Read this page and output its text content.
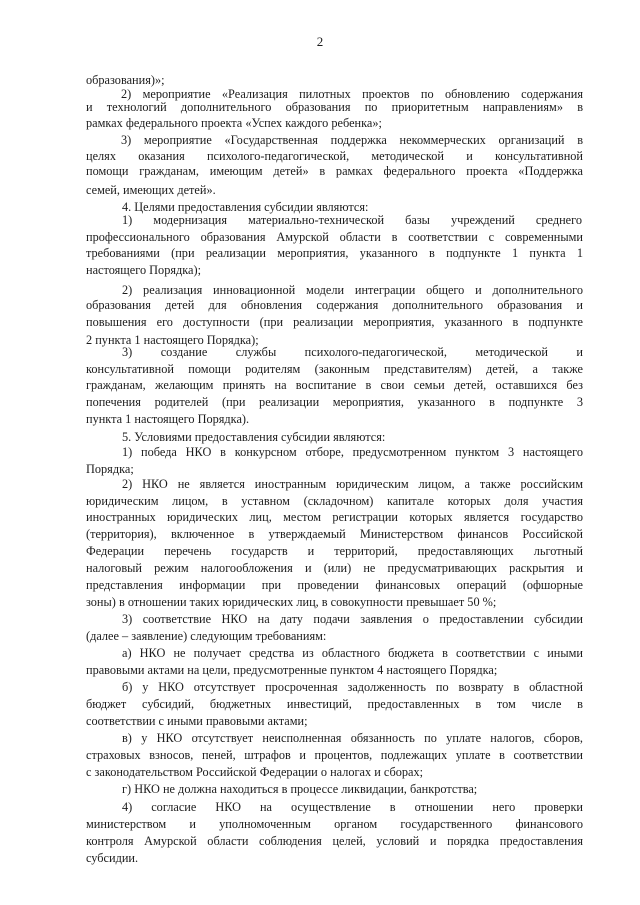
2
образования)»;
2) мероприятие «Реализация пилотных проектов по обновлению содержания
и технологий дополнительного образования по приоритетным направлениям» в
рамках федерального проекта «Успех каждого ребенка»;
3) мероприятие «Государственная поддержка некоммерческих организаций в
целях оказания психолого-педагогической, методической и консультативной
помощи гражданам, имеющим детей» в рамках федерального проекта «Поддержка
семей, имеющих детей».
4. Целями предоставления субсидии являются:
1) модернизация материально-технической базы учреждений среднего
профессионального образования Амурской области в соответствии с современными
требованиями (при реализации мероприятия, указанного в подпункте 1 пункта 1
настоящего Порядка);
2) реализация инновационной модели интеграции общего и дополнительного
образования детей для обновления содержания дополнительного образования и
повышения его доступности (при реализации мероприятия, указанного в подпункте
2 пункта 1 настоящего Порядка);
3) создание службы психолого-педагогической, методической и
консультативной помощи родителям (законным представителям) детей, а также
гражданам, желающим принять на воспитание в свои семьи детей, оставшихся без
попечения родителей (при реализации мероприятия, указанного в подпункте 3
пункта 1 настоящего Порядка).
5. Условиями предоставления субсидии являются:
1) победа НКО в конкурсном отборе, предусмотренном пунктом 3 настоящего
Порядка;
2) НКО не является иностранным юридическим лицом, а также российским
юридическим лицом, в уставном (складочном) капитале которых доля участия
иностранных юридических лиц, местом регистрации которых является государство
(территория), включенное в утверждаемый Министерством финансов Российской
Федерации перечень государств и территорий, предоставляющих льготный
налоговый режим налогообложения и (или) не предусматривающих раскрытия и
представления информации при проведении финансовых операций (офшорные
зоны) в отношении таких юридических лиц, в совокупности превышает 50 %;
3) соответствие НКО на дату подачи заявления о предоставлении субсидии
(далее – заявление) следующим требованиям:
а) НКО не получает средства из областного бюджета в соответствии с иными
правовыми актами на цели, предусмотренные пунктом 4 настоящего Порядка;
б) у НКО отсутствует просроченная задолженность по возврату в областной
бюджет субсидий, бюджетных инвестиций, предоставленных в том числе в
соответствии с иными правовыми актами;
в) у НКО отсутствует неисполненная обязанность по уплате налогов, сборов,
страховых взносов, пеней, штрафов и процентов, подлежащих уплате в соответствии
с законодательством Российской Федерации о налогах и сборах;
г) НКО не должна находиться в процессе ликвидации, банкротства;
4) согласие НКО на осуществление в отношении него проверки
министерством и уполномоченным органом государственного финансового
контроля Амурской области соблюдения целей, условий и порядка предоставления
субсидии.
